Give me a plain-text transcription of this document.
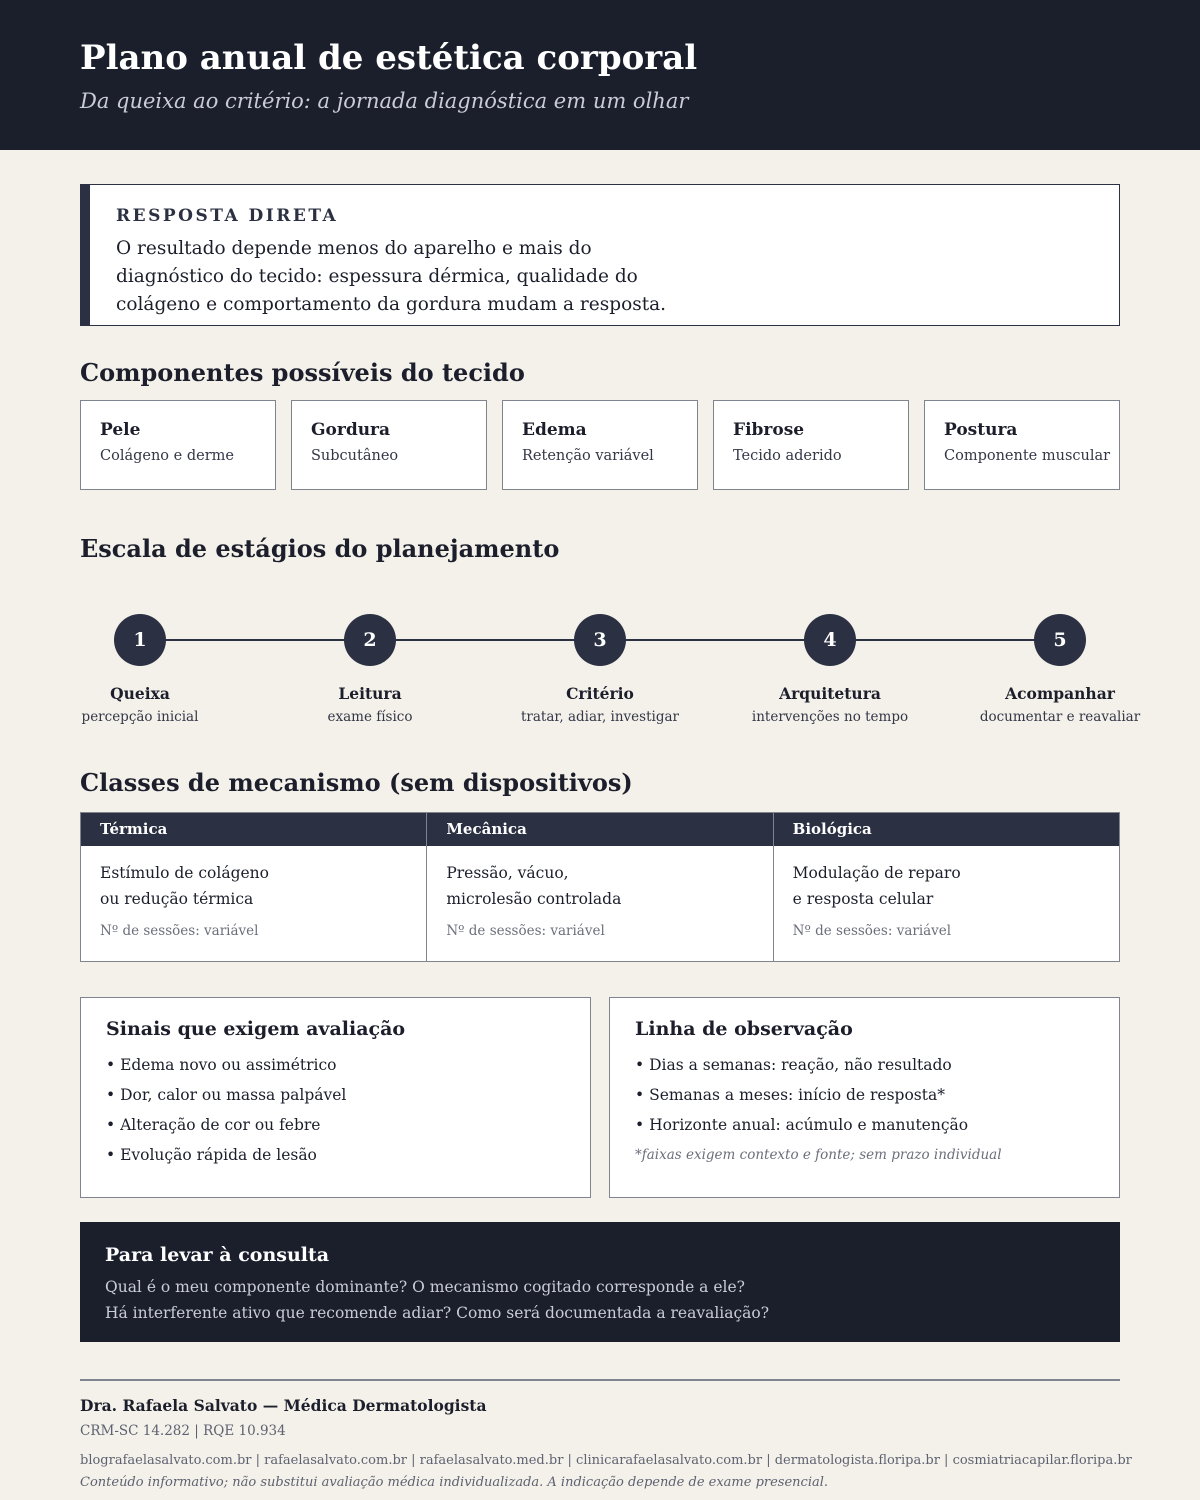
Plano anual de estética corporal
Da queixa ao critério: a jornada diagnóstica em um olhar
RESPOSTA DIRETA
O resultado depende menos do aparelho e mais do diagnóstico do tecido: espessura dérmica, qualidade do colágeno e comportamento da gordura mudam a resposta.
Componentes possíveis do tecido
Pele
Colágeno e derme
Gordura
Subcutâneo
Edema
Retenção variável
Fibrose
Tecido aderido
Postura
Componente muscular
Escala de estágios do planejamento
1
Queixa
percepção inicial
2
Leitura
exame físico
3
Critério
tratar, adiar, investigar
4
Arquitetura
intervenções no tempo
5
Acompanhar
documentar e reavaliar
Classes de mecanismo (sem dispositivos)
Térmica
Estímulo de colágeno
ou redução térmica
Nº de sessões: variável
Mecânica
Pressão, vácuo,
microlesão controlada
Nº de sessões: variável
Biológica
Modulação de reparo
e resposta celular
Nº de sessões: variável
Sinais que exigem avaliação
• Edema novo ou assimétrico
• Dor, calor ou massa palpável
• Alteração de cor ou febre
• Evolução rápida de lesão
Linha de observação
• Dias a semanas: reação, não resultado
• Semanas a meses: início de resposta*
• Horizonte anual: acúmulo e manutenção
*faixas exigem contexto e fonte; sem prazo individual
Para levar à consulta
Qual é o meu componente dominante? O mecanismo cogitado corresponde a ele?
Há interferente ativo que recomende adiar? Como será documentada a reavaliação?
Dra. Rafaela Salvato — Médica Dermatologista
CRM-SC 14.282 | RQE 10.934
blografaelasalvato.com.br | rafaelasalvato.com.br | rafaelasalvato.med.br | clinicarafaelasalvato.com.br | dermatologista.floripa.br | cosmiatriacapilar.floripa.br
Conteúdo informativo; não substitui avaliação médica individualizada. A indicação depende de exame presencial.
